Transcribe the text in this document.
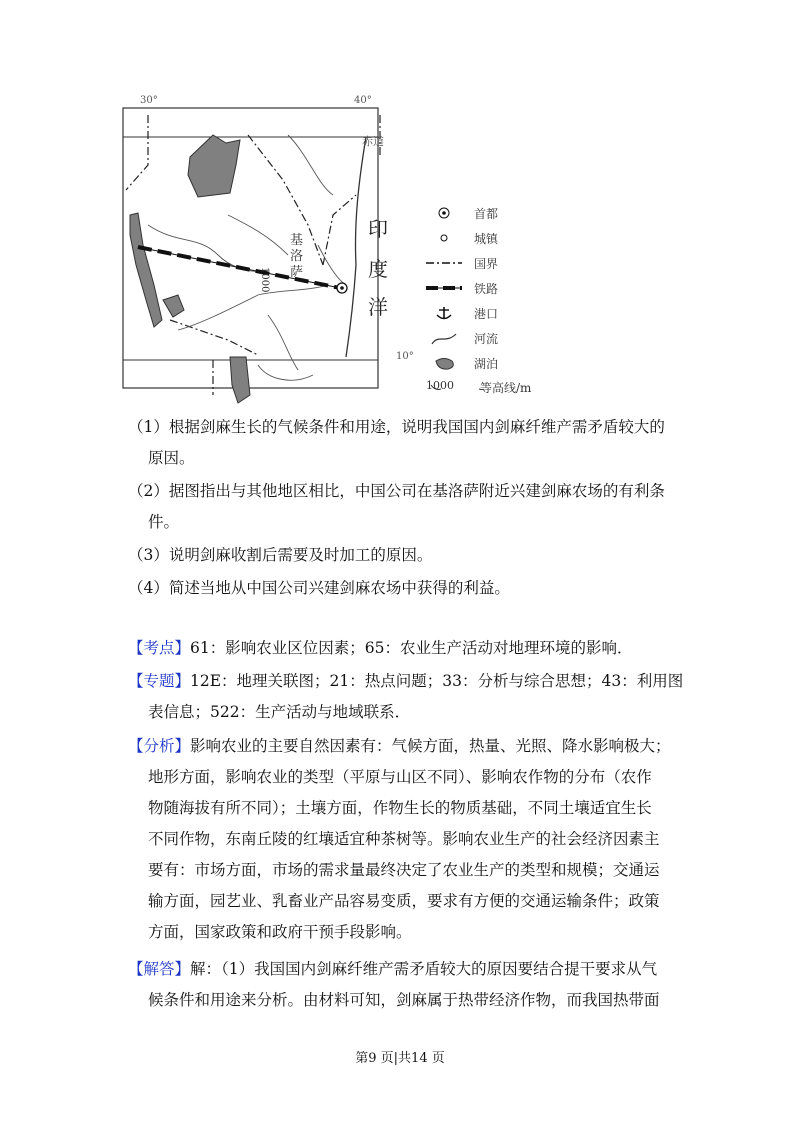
30°	40°
赤道
10°
印
度
洋
基
洛
萨
1000
首都
城镇
国界
铁路
港口
河流
湖泊
1000 等高线/m
（1）根据剑麻生长的气候条件和用途，说明我国国内剑麻纤维产需矛盾较大的
原因。
（2）据图指出与其他地区相比，中国公司在基洛萨附近兴建剑麻农场的有利条
件。
（3）说明剑麻收割后需要及时加工的原因。
（4）简述当地从中国公司兴建剑麻农场中获得的利益。
【考点】61：影响农业区位因素；65：农业生产活动对地理环境的影响．
【专题】12E：地理关联图；21：热点问题；33：分析与综合思想；43：利用图
表信息；522：生产活动与地域联系．
【分析】影响农业的主要自然因素有：气候方面，热量、光照、降水影响极大；
地形方面，影响农业的类型（平原与山区不同）、影响农作物的分布（农作
物随海拔有所不同）；土壤方面，作物生长的物质基础，不同土壤适宜生长
不同作物，东南丘陵的红壤适宜种茶树等。影响农业生产的社会经济因素主
要有：市场方面，市场的需求量最终决定了农业生产的类型和规模；交通运
输方面，园艺业、乳畜业产品容易变质，要求有方便的交通运输条件；政策
方面，国家政策和政府干预手段影响。
【解答】解：（1）我国国内剑麻纤维产需矛盾较大的原因要结合提干要求从气
候条件和用途来分析。由材料可知，剑麻属于热带经济作物，而我国热带面
第9 页|共14 页
